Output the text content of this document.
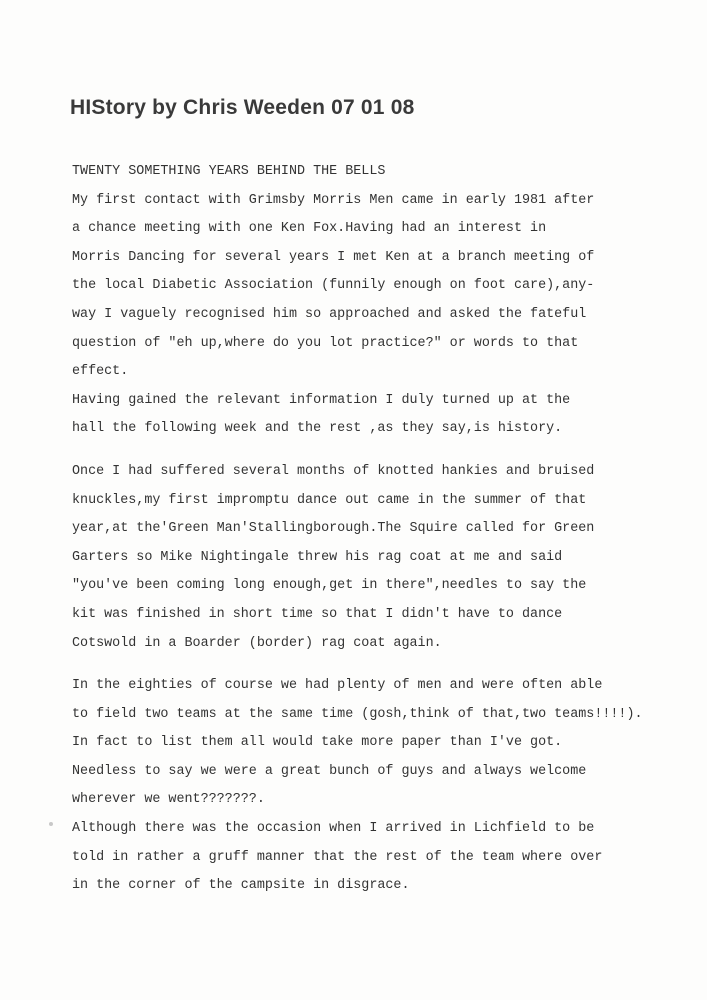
HIStory by Chris Weeden 07 01 08
TWENTY SOMETHING YEARS BEHIND THE BELLS
My first contact with Grimsby Morris Men came in early 1981 after
a chance meeting with one Ken Fox.Having had an interest in
Morris Dancing for several years I met Ken at a branch meeting of
the local Diabetic Association (funnily enough on foot care),any-
way I vaguely recognised him so approached and asked the fateful
question of "eh up,where do you lot practice?" or words to that
effect.
Having gained the relevant information I duly turned up at the
hall the following week and the rest ,as they say,is history.
Once I had suffered several months of knotted hankies and bruised
knuckles,my first impromptu dance out came in the summer of that
year,at the'Green Man'Stallingborough.The Squire called for Green
Garters so Mike Nightingale threw his rag coat at me and said
"you've been coming long enough,get in there",needles to say the
kit was finished in short time so that I didn't have to dance
Cotswold in a Boarder (border) rag coat again.
In the eighties of course we had plenty of men and were often able
to field two teams at the same time (gosh,think of that,two teams!!!!).
In fact to list them all would take more paper than I've got.
Needless to say we were a great bunch of guys and always welcome
wherever we went???????.
Although there was the occasion when I arrived in Lichfield to be
told in rather a gruff manner that the rest of the team where over
in the corner of the campsite in disgrace.
